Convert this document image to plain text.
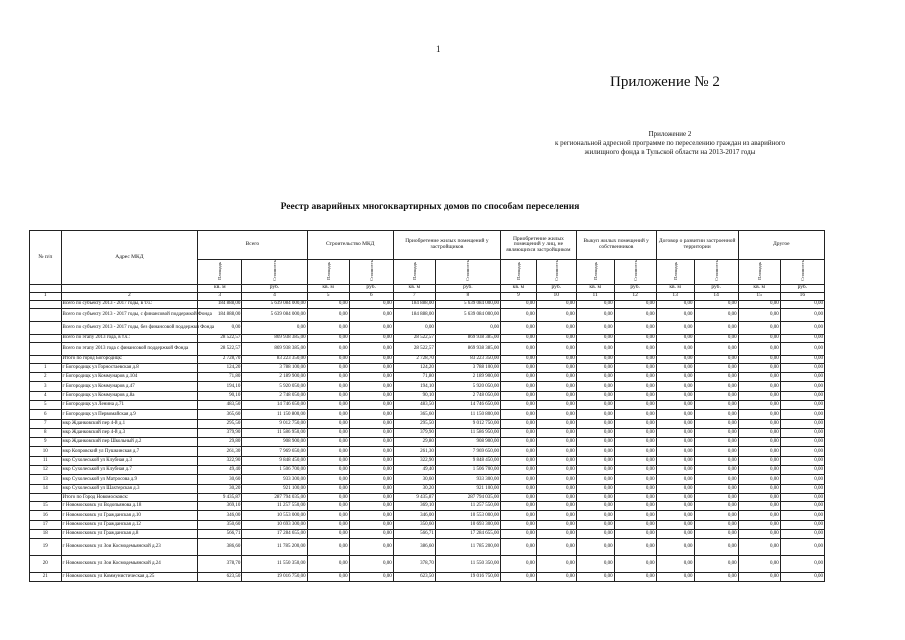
1
Приложение № 2
Приложение 2
к региональной адресной программе по переселению граждан из аварийного
жилищного фонда в Тульской области на 2013-2017 годы
Реестр аварийных многоквартирных домов по способам переселения
№ п/п	Адрес МКД	Всего		Строительство МКД		Приобретение жилых помещений у застройщиков		Приобретение жилых помещений у лиц, не являющихся застройщиком		Выкуп жилых помещений у собственников		Договор о развитии застроенной территории		Другое	
		Площадь	Стоимость	Площадь	Стоимость	Площадь	Стоимость	Площадь	Стоимость	Площадь	Стоимость	Площадь	Стоимость	Площадь	Стоимость
		кв. м	руб.	кв. м	руб.	кв. м	руб.	кв. м	руб.	кв. м	руб.	кв. м	руб.	кв. м	руб.
1	2	3	4	5	6	7	8	9	10	11	12	13	14	15	16
	Всего по субъекту 2013 - 2017 годы, в т.ч.:	184 888,00	5 639 084 000,00	0,00	0,00	184 888,00	5 639 084 000,00	0,00	0,00	0,00	0,00	0,00	0,00	0,00	0,00
	Всего по субъекту 2013 - 2017 годы, с финансовой поддержкой Фонда	184 888,00	5 639 084 000,00	0,00	0,00	184 888,00	5 639 084 000,00	0,00	0,00	0,00	0,00	0,00	0,00	0,00	0,00
	Всего по субъекту 2013 - 2017 годы, без финансовой поддержки Фонда	0,00	0,00	0,00	0,00	0,00	0,00	0,00	0,00	0,00	0,00	0,00	0,00	0,00	0,00
	Всего по этапу 2013 года, в т.ч.:	28 522,57	869 938 385,00	0,00	0,00	28 522,57	869 938 385,00	0,00	0,00	0,00	0,00	0,00	0,00	0,00	0,00
	Всего по этапу 2013 года с финансовой поддержкой Фонда	28 522,57	869 938 385,00	0,00	0,00	28 522,57	869 938 385,00	0,00	0,00	0,00	0,00	0,00	0,00	0,00	0,00
	Итого по город Богородицк:	2 728,70	83 223 350,00	0,00	0,00	2 728,70	83 223 350,00	0,00	0,00	0,00	0,00	0,00	0,00	0,00	0,00
1	г Богородицк ул Горностаевская д.8	124,20	3 788 100,00	0,00	0,00	124,20	3 788 100,00	0,00	0,00	0,00	0,00	0,00	0,00	0,00	0,00
2	г Богородицк ул Коммунаров д.104	71,80	2 189 900,00	0,00	0,00	71,80	2 189 900,00	0,00	0,00	0,00	0,00	0,00	0,00	0,00	0,00
3	г Богородицк ул Коммунаров д.47	194,10	5 920 050,00	0,00	0,00	194,10	5 920 050,00	0,00	0,00	0,00	0,00	0,00	0,00	0,00	0,00
4	г Богородицк ул Коммунаров д.8а	90,10	2 748 050,00	0,00	0,00	90,10	2 748 050,00	0,00	0,00	0,00	0,00	0,00	0,00	0,00	0,00
5	г Богородицк ул Ленина д.71	483,50	14 746 650,00	0,00	0,00	483,50	14 746 650,00	0,00	0,00	0,00	0,00	0,00	0,00	0,00	0,00
6	г Богородицк ул Первомайская д.9	365,60	11 150 800,00	0,00	0,00	365,60	11 150 800,00	0,00	0,00	0,00	0,00	0,00	0,00	0,00	0,00
7	мкр Жданковский пер 4-й д.1	295,50	9 012 750,00	0,00	0,00	295,50	9 012 750,00	0,00	0,00	0,00	0,00	0,00	0,00	0,00	0,00
8	мкр Жданковский пер 4-й д.3	379,90	11 586 950,00	0,00	0,00	379,90	11 586 950,00	0,00	0,00	0,00	0,00	0,00	0,00	0,00	0,00
9	мкр Жданковский пер Школьный д.2	29,80	908 900,00	0,00	0,00	29,80	908 900,00	0,00	0,00	0,00	0,00	0,00	0,00	0,00	0,00
10	мкр Копровский ул Пушкинская д.7	261,30	7 969 650,00	0,00	0,00	261,30	7 969 650,00	0,00	0,00	0,00	0,00	0,00	0,00	0,00	0,00
11	мкр Сухолеськой ул Клубная д.3	322,90	9 848 450,00	0,00	0,00	322,90	9 848 450,00	0,00	0,00	0,00	0,00	0,00	0,00	0,00	0,00
12	мкр Сухолеськой ул Клубная д.7	49,40	1 506 700,00	0,00	0,00	49,40	1 506 700,00	0,00	0,00	0,00	0,00	0,00	0,00	0,00	0,00
13	мкр Сухолеськой ул Матросова д.9	30,60	933 300,00	0,00	0,00	30,60	933 300,00	0,00	0,00	0,00	0,00	0,00	0,00	0,00	0,00
14	мкр Сухолеськой ул Шахтерская д.3	30,20	921 100,00	0,00	0,00	30,20	921 100,00	0,00	0,00	0,00	0,00	0,00	0,00	0,00	0,00
	Итого по Город Новомосковск:	9 435,87	287 794 035,00	0,00	0,00	9 435,87	287 794 035,00	0,00	0,00	0,00	0,00	0,00	0,00	0,00	0,00
15	г Новомосковск ул Водопьянова д.18	369,10	11 257 550,00	0,00	0,00	369,10	11 257 550,00	0,00	0,00	0,00	0,00	0,00	0,00	0,00	0,00
16	г Новомосковск ул Гражданская д.10	346,00	10 553 000,00	0,00	0,00	346,00	10 553 000,00	0,00	0,00	0,00	0,00	0,00	0,00	0,00	0,00
17	г Новомосковск ул Гражданская д.12	350,60	10 693 300,00	0,00	0,00	350,60	10 693 300,00	0,00	0,00	0,00	0,00	0,00	0,00	0,00	0,00
18	г Новомосковск ул Гражданская д.8	566,71	17 284 655,00	0,00	0,00	566,71	17 284 655,00	0,00	0,00	0,00	0,00	0,00	0,00	0,00	0,00
19	г Новомосковск ул Зои Космодемьянской д.23	386,60	11 785 200,00	0,00	0,00	386,60	11 785 200,00	0,00	0,00	0,00	0,00	0,00	0,00	0,00	0,00
20	г Новомосковск ул Зои Космодемьянской д.24	378,70	11 550 350,00	0,00	0,00	378,70	11 550 350,00	0,00	0,00	0,00	0,00	0,00	0,00	0,00	0,00
21	г Новомосковск ул Коммунистическая д.25	623,50	19 016 750,00	0,00	0,00	623,50	19 016 750,00	0,00	0,00	0,00	0,00	0,00	0,00	0,00	0,00
